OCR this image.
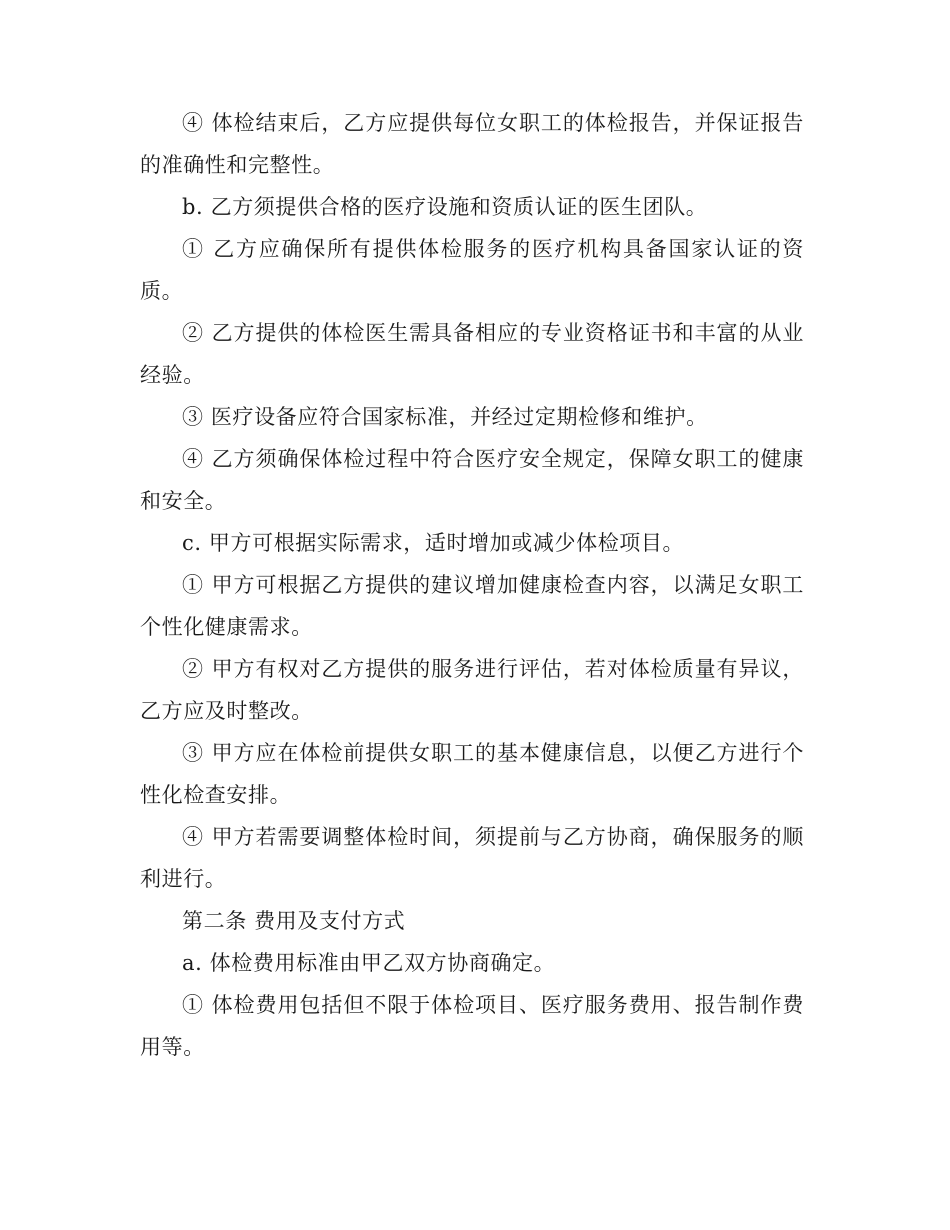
④ 体检结束后，乙方应提供每位女职工的体检报告，并保证报告的准确性和完整性。

b. 乙方须提供合格的医疗设施和资质认证的医生团队。

① 乙方应确保所有提供体检服务的医疗机构具备国家认证的资质。

② 乙方提供的体检医生需具备相应的专业资格证书和丰富的从业经验。

③ 医疗设备应符合国家标准，并经过定期检修和维护。

④ 乙方须确保体检过程中符合医疗安全规定，保障女职工的健康和安全。

c. 甲方可根据实际需求，适时增加或减少体检项目。

① 甲方可根据乙方提供的建议增加健康检查内容，以满足女职工个性化健康需求。

② 甲方有权对乙方提供的服务进行评估，若对体检质量有异议，乙方应及时整改。

③ 甲方应在体检前提供女职工的基本健康信息，以便乙方进行个性化检查安排。

④ 甲方若需要调整体检时间，须提前与乙方协商，确保服务的顺利进行。

第二条 费用及支付方式

a. 体检费用标准由甲乙双方协商确定。

① 体检费用包括但不限于体检项目、医疗服务费用、报告制作费用等。
